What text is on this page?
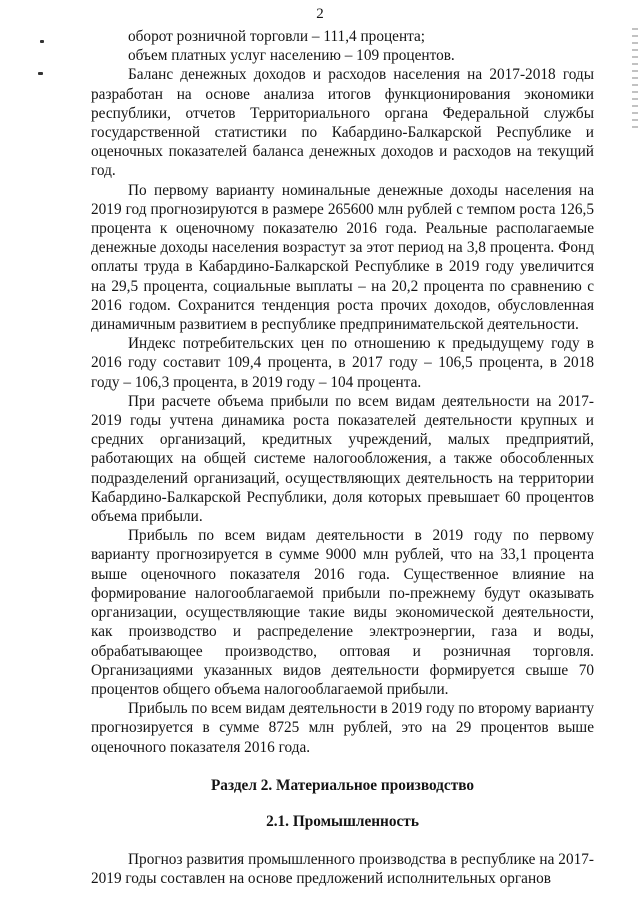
2

оборот розничной торговли – 111,4 процента;

объем платных услуг населению – 109 процентов.

Баланс денежных доходов и расходов населения на 2017-2018 годы разработан на основе анализа итогов функционирования экономики республики, отчетов Территориального органа Федеральной службы государственной статистики по Кабардино-Балкарской Республике и оценочных показателей баланса денежных доходов и расходов на текущий год.

По первому варианту номинальные денежные доходы населения на 2019 год прогнозируются в размере 265600 млн рублей с темпом роста 126,5 процента к оценочному показателю 2016 года. Реальные располагаемые денежные доходы населения возрастут за этот период на 3,8 процента. Фонд оплаты труда в Кабардино-Балкарской Республике в 2019 году увеличится на 29,5 процента, социальные выплаты – на 20,2 процента по сравнению с 2016 годом. Сохранится тенденция роста прочих доходов, обусловленная динамичным развитием в республике предпринимательской деятельности.

Индекс потребительских цен по отношению к предыдущему году в 2016 году составит 109,4 процента, в 2017 году – 106,5 процента, в 2018 году – 106,3 процента, в 2019 году – 104 процента.

При расчете объема прибыли по всем видам деятельности на 2017-2019 годы учтена динамика роста показателей деятельности крупных и средних организаций, кредитных учреждений, малых предприятий, работающих на общей системе налогообложения, а также обособленных подразделений организаций, осуществляющих деятельность на территории Кабардино-Балкарской Республики, доля которых превышает 60 процентов объема прибыли.

Прибыль по всем видам деятельности в 2019 году по первому варианту прогнозируется в сумме 9000 млн рублей, что на 33,1 процента выше оценочного показателя 2016 года. Существенное влияние на формирование налогооблагаемой прибыли по-прежнему будут оказывать организации, осуществляющие такие виды экономической деятельности, как производство и распределение электроэнергии, газа и воды, обрабатывающее производство, оптовая и розничная торговля. Организациями указанных видов деятельности формируется свыше 70 процентов общего объема налогооблагаемой прибыли.

Прибыль по всем видам деятельности в 2019 году по второму варианту прогнозируется в сумме 8725 млн рублей, это на 29 процентов выше оценочного показателя 2016 года.

Раздел 2. Материальное производство
2.1. Промышленность

Прогноз развития промышленного производства в республике на 2017-2019 годы составлен на основе предложений исполнительных органов
